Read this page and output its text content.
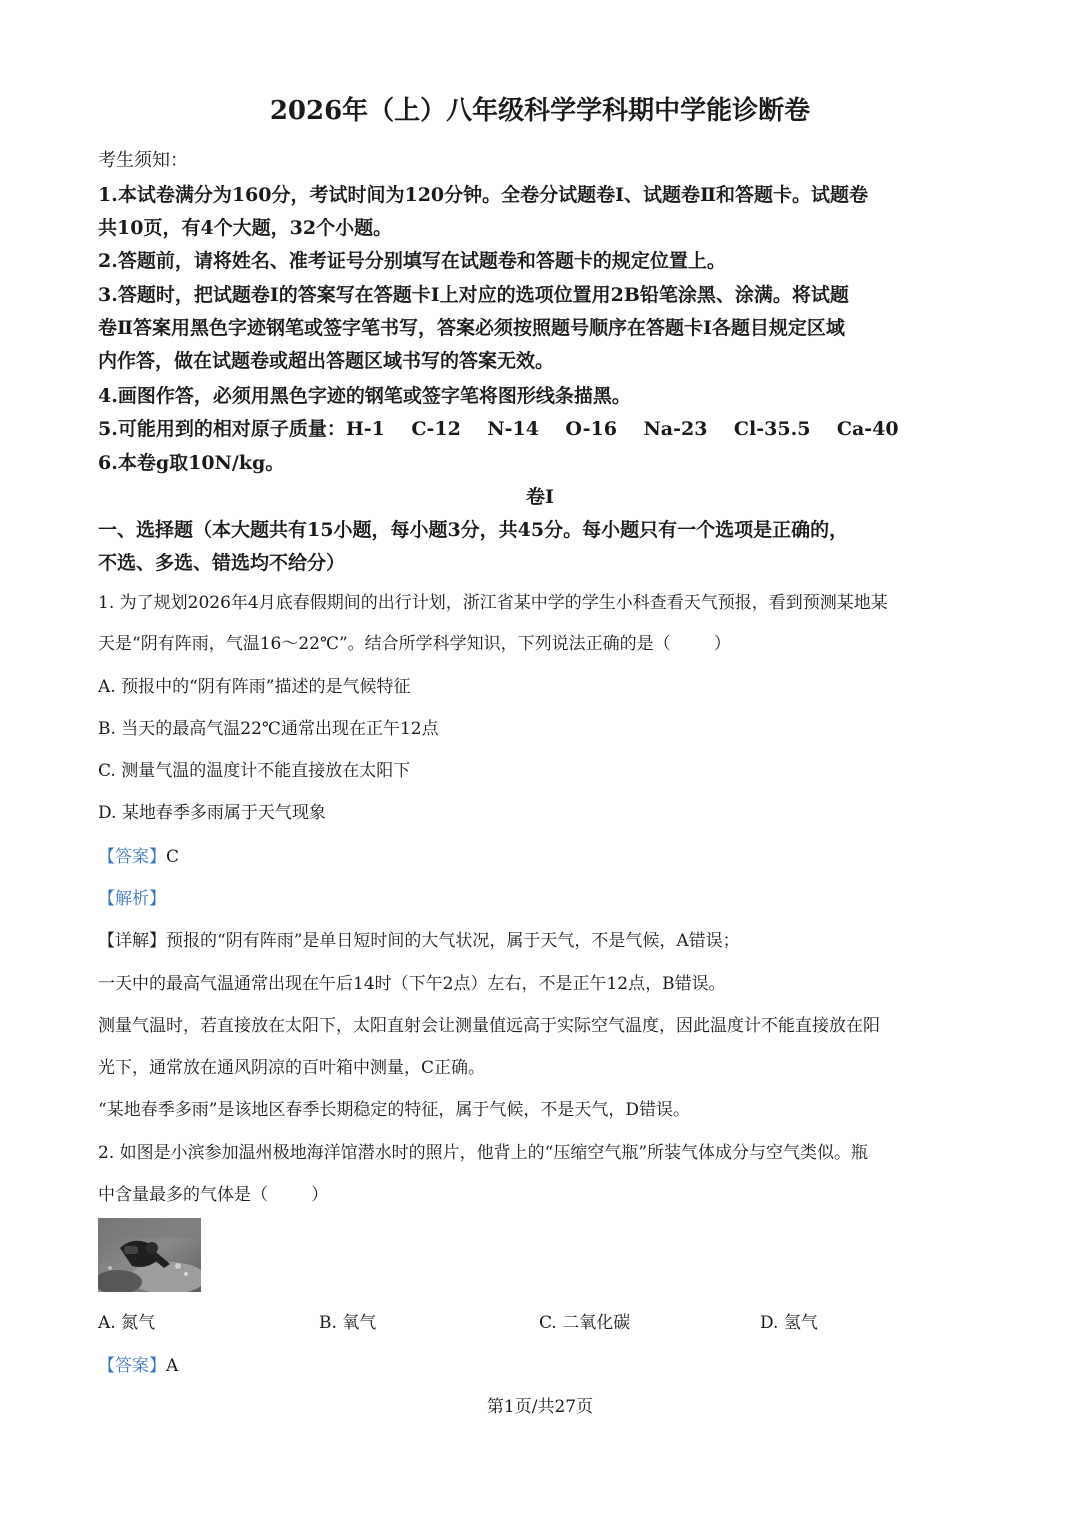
2026年（上）八年级科学学科期中学能诊断卷
考生须知：
1.本试卷满分为160分，考试时间为120分钟。全卷分试题卷Ⅰ、试题卷Ⅱ和答题卡。试题卷
共10页，有4个大题，32个小题。
2.答题前，请将姓名、准考证号分别填写在试题卷和答题卡的规定位置上。
3.答题时，把试题卷Ⅰ的答案写在答题卡Ⅰ上对应的选项位置用2B铅笔涂黑、涂满。将试题
卷Ⅱ答案用黑色字迹钢笔或签字笔书写，答案必须按照题号顺序在答题卡Ⅰ各题目规定区域
内作答，做在试题卷或超出答题区域书写的答案无效。
4.画图作答，必须用黑色字迹的钢笔或签字笔将图形线条描黑。
5.可能用到的相对原子质量：H-1    C-12    N-14    O-16    Na-23    Cl-35.5    Ca-40
6.本卷g取10N/kg。
卷Ⅰ
一、选择题（本大题共有15小题，每小题3分，共45分。每小题只有一个选项是正确的，
不选、多选、错选均不给分）
1. 为了规划2026年4月底春假期间的出行计划，浙江省某中学的学生小科查看天气预报，看到预测某地某
天是“阴有阵雨，气温16～22℃”。结合所学科学知识，下列说法正确的是（        ）
A. 预报中的“阴有阵雨”描述的是气候特征
B. 当天的最高气温22℃通常出现在正午12点
C. 测量气温的温度计不能直接放在太阳下
D. 某地春季多雨属于天气现象
【答案】C
【解析】
【详解】预报的“阴有阵雨”是单日短时间的大气状况，属于天气，不是气候，A错误；
一天中的最高气温通常出现在午后14时（下午2点）左右，不是正午12点，B错误。
测量气温时，若直接放在太阳下，太阳直射会让测量值远高于实际空气温度，因此温度计不能直接放在阳
光下，通常放在通风阴凉的百叶箱中测量，C正确。
“某地春季多雨”是该地区春季长期稳定的特征，属于气候，不是天气，D错误。
2. 如图是小滨参加温州极地海洋馆潜水时的照片，他背上的“压缩空气瓶”所装气体成分与空气类似。瓶
中含量最多的气体是（        ）
A. 氮气	B. 氧气	C. 二氧化碳	D. 氢气
【答案】A
第1页/共27页
